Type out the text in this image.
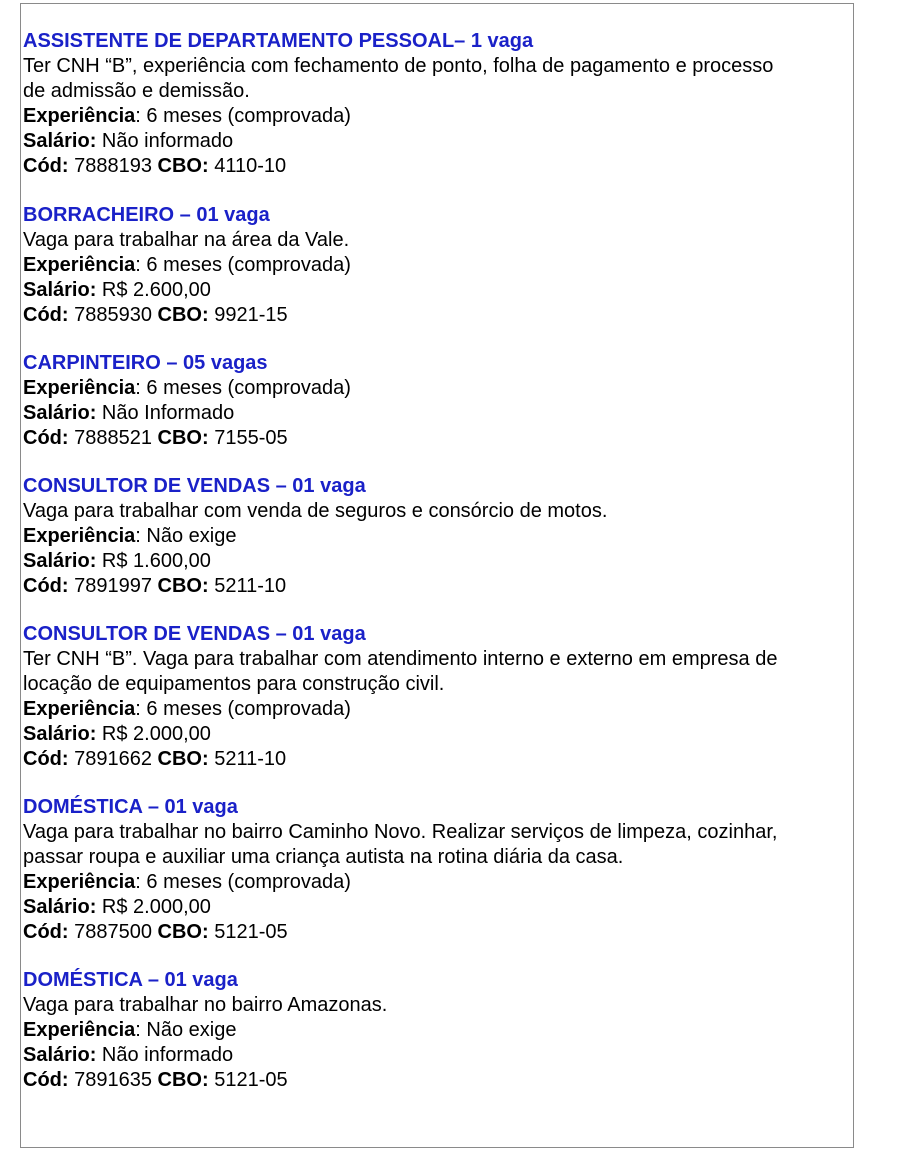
ASSISTENTE DE DEPARTAMENTO PESSOAL– 1 vaga
Ter CNH “B”, experiência com fechamento de ponto, folha de pagamento e processo
de admissão e demissão.
Experiência: 6 meses (comprovada)
Salário: Não informado
Cód: 7888193 CBO: 4110-10
BORRACHEIRO – 01 vaga
Vaga para trabalhar na área da Vale.
Experiência: 6 meses (comprovada)
Salário: R$ 2.600,00
Cód: 7885930 CBO: 9921-15
CARPINTEIRO – 05 vagas
Experiência: 6 meses (comprovada)
Salário: Não Informado
Cód: 7888521 CBO: 7155-05
CONSULTOR DE VENDAS – 01 vaga
Vaga para trabalhar com venda de seguros e consórcio de motos.
Experiência: Não exige
Salário: R$ 1.600,00
Cód: 7891997 CBO: 5211-10
CONSULTOR DE VENDAS – 01 vaga
Ter CNH “B”. Vaga para trabalhar com atendimento interno e externo em empresa de
locação de equipamentos para construção civil.
Experiência: 6 meses (comprovada)
Salário: R$ 2.000,00
Cód: 7891662 CBO: 5211-10
DOMÉSTICA – 01 vaga
Vaga para trabalhar no bairro Caminho Novo. Realizar serviços de limpeza, cozinhar,
passar roupa e auxiliar uma criança autista na rotina diária da casa.
Experiência: 6 meses (comprovada)
Salário: R$ 2.000,00
Cód: 7887500 CBO: 5121-05
DOMÉSTICA – 01 vaga
Vaga para trabalhar no bairro Amazonas.
Experiência: Não exige
Salário: Não informado
Cód: 7891635 CBO: 5121-05
